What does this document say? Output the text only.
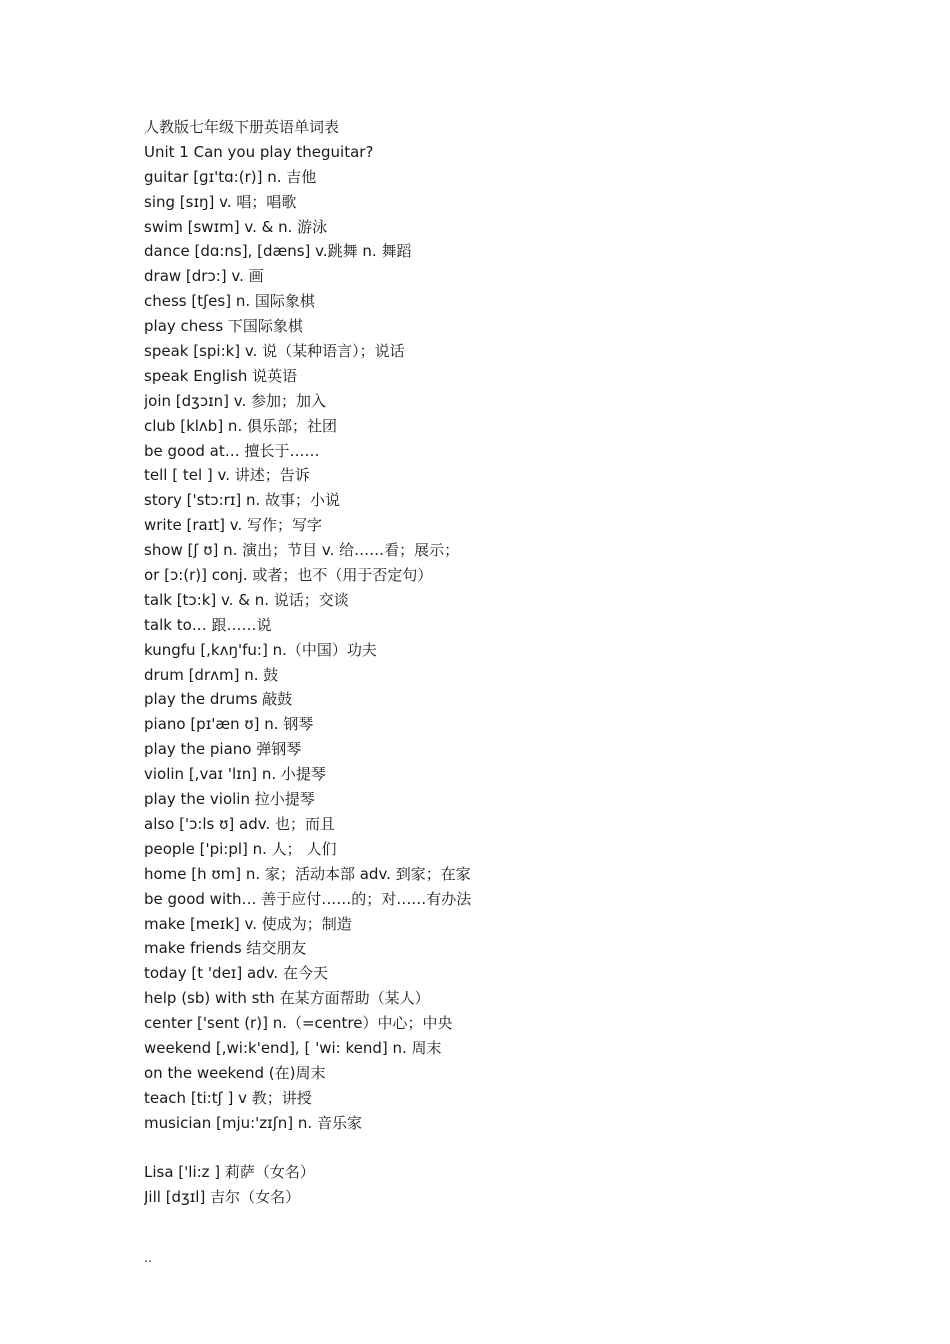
人教版七年级下册英语单词表
Unit 1 Can you play theguitar?
guitar [ɡɪ'tɑ:(r)] n. 吉他
sing [sɪŋ] v. 唱；唱歌
swim [swɪm] v. & n. 游泳
dance [dɑ:ns], [dæns] v.跳舞 n. 舞蹈
draw [drɔ:] v. 画
chess [tʃes] n. 国际象棋
play chess 下国际象棋
speak [spi:k] v. 说（某种语言）；说话
speak English 说英语
join [dʒɔɪn] v. 参加；加入
club [klʌb] n. 俱乐部；社团
be good at… 擅长于……
tell [ tel ] v. 讲述；告诉
story ['stɔ:rɪ] n. 故事；小说
write [raɪt] v. 写作；写字
show [ʃ ʊ] n. 演出；节目 v. 给……看；展示；
or [ɔ:(r)] conj. 或者；也不（用于否定句）
talk [tɔ:k] v. & n. 说话；交谈
talk to… 跟……说
kungfu [,kʌŋ'fu:] n.（中国）功夫
drum [drʌm] n. 鼓
play the drums 敲鼓
piano [pɪ'æn ʊ] n. 钢琴
play the piano 弹钢琴
violin [,vaɪ 'lɪn] n. 小提琴
play the violin 拉小提琴
also ['ɔ:ls ʊ] adv. 也；而且
people ['pi:pl] n. 人； 人们
home [h ʊm] n. 家；活动本部 adv. 到家；在家
be good with… 善于应付……的；对……有办法
make [meɪk] v. 使成为；制造
make friends 结交朋友
today [t 'deɪ] adv. 在今天
help (sb) with sth 在某方面帮助（某人）
center ['sent (r)] n.（=centre）中心；中央
weekend [,wi:k'end], [ 'wi: kend] n. 周末
on the weekend (在)周末
teach [ti:tʃ ] v 教；讲授
musician [mju:'zɪʃn] n. 音乐家
Lisa ['li:z ] 莉萨（女名）
Jill [dʒɪl] 吉尔（女名）
..
